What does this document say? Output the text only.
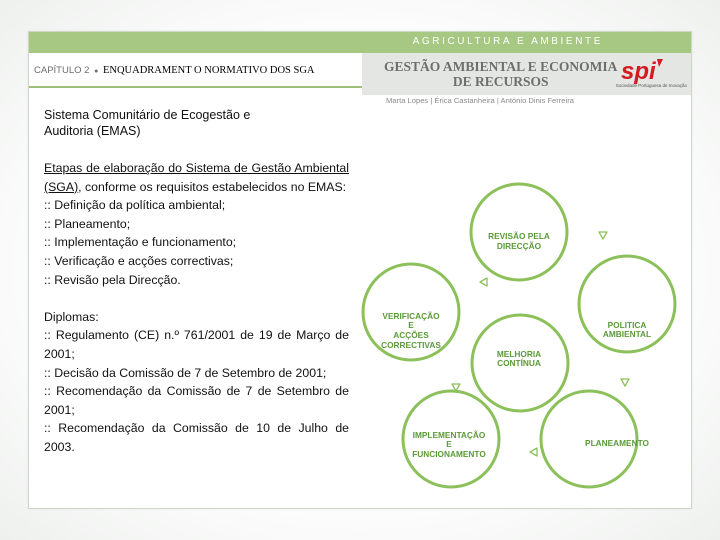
AGRICULTURA E AMBIENTE
CAPÍTULO 2 ● ENQUADRAMENT O NORMATIVO DOS SGA	GESTÃO AMBIENTAL E ECONOMIA
DE RECURSOS	spi
Sociedade Portuguesa de Inovação
Marta Lopes | Érica Castanheira | António Dinis Ferreira
Sistema Comunitário de Ecogestão e
Auditoria (EMAS)

Etapas de elaboração do Sistema de Gestão Ambiental (SGA), conforme os requisitos estabelecidos no EMAS:

:: Definição da política ambiental;

:: Planeamento;

:: Implementação e funcionamento;

:: Verificação e acções correctivas;

:: Revisão pela Direcção.

Diplomas:

:: Regulamento (CE) n.º 761/2001 de 19 de Março de 2001;

:: Decisão da Comissão de 7 de Setembro de 2001;

:: Recomendação da Comissão de 7 de Setembro de 2001;

:: Recomendação da Comissão de 10 de Julho de 2003.

REVISÃO PELA
DIRECÇÃO
POLITICA
AMBIENTAL
VERIFICAÇÃO
E
ACÇÕES
CORRECTIVAS
MELHORIA
CONTÍNUA
IMPLEMENTAÇÃO
E
FUNCIONAMENTO
PLANEAMENTO
